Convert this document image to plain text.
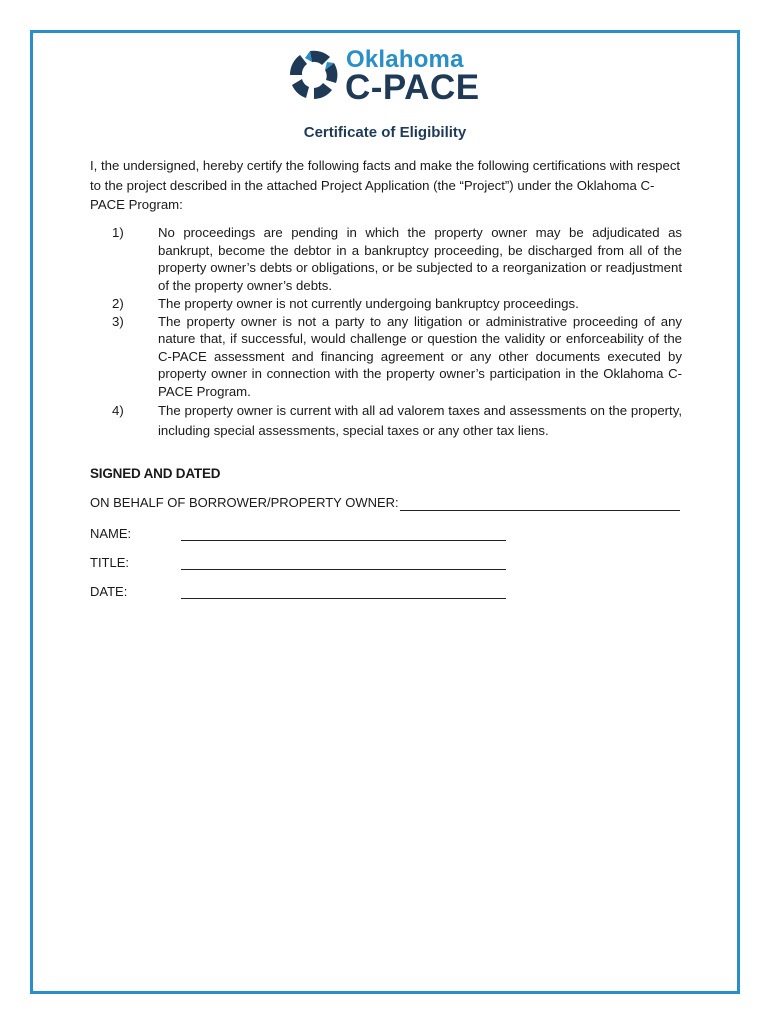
Oklahoma
C-PACE
Certificate of Eligibility
I, the undersigned, hereby certify the following facts and make the following certifications with respect to the project described in the attached Project Application (the “Project”) under the Oklahoma C-PACE Program:
1)	No proceedings are pending in which the property owner may be adjudicated as bankrupt, become the debtor in a bankruptcy proceeding, be discharged from all of the property owner’s debts or obligations, or be subjected to a reorganization or readjustment of the property owner’s debts.
2)	The property owner is not currently undergoing bankruptcy proceedings.
3)	The property owner is not a party to any litigation or administrative proceeding of any nature that, if successful, would challenge or question the validity or enforceability of the C-PACE assessment and financing agreement or any other documents executed by property owner in connection with the property owner’s participation in the Oklahoma C-PACE Program.
4)	The property owner is current with all ad valorem taxes and assessments on the property, including special assessments, special taxes or any other tax liens.
SIGNED AND DATED
ON BEHALF OF BORROWER/PROPERTY OWNER:
NAME:
TITLE:
DATE:
